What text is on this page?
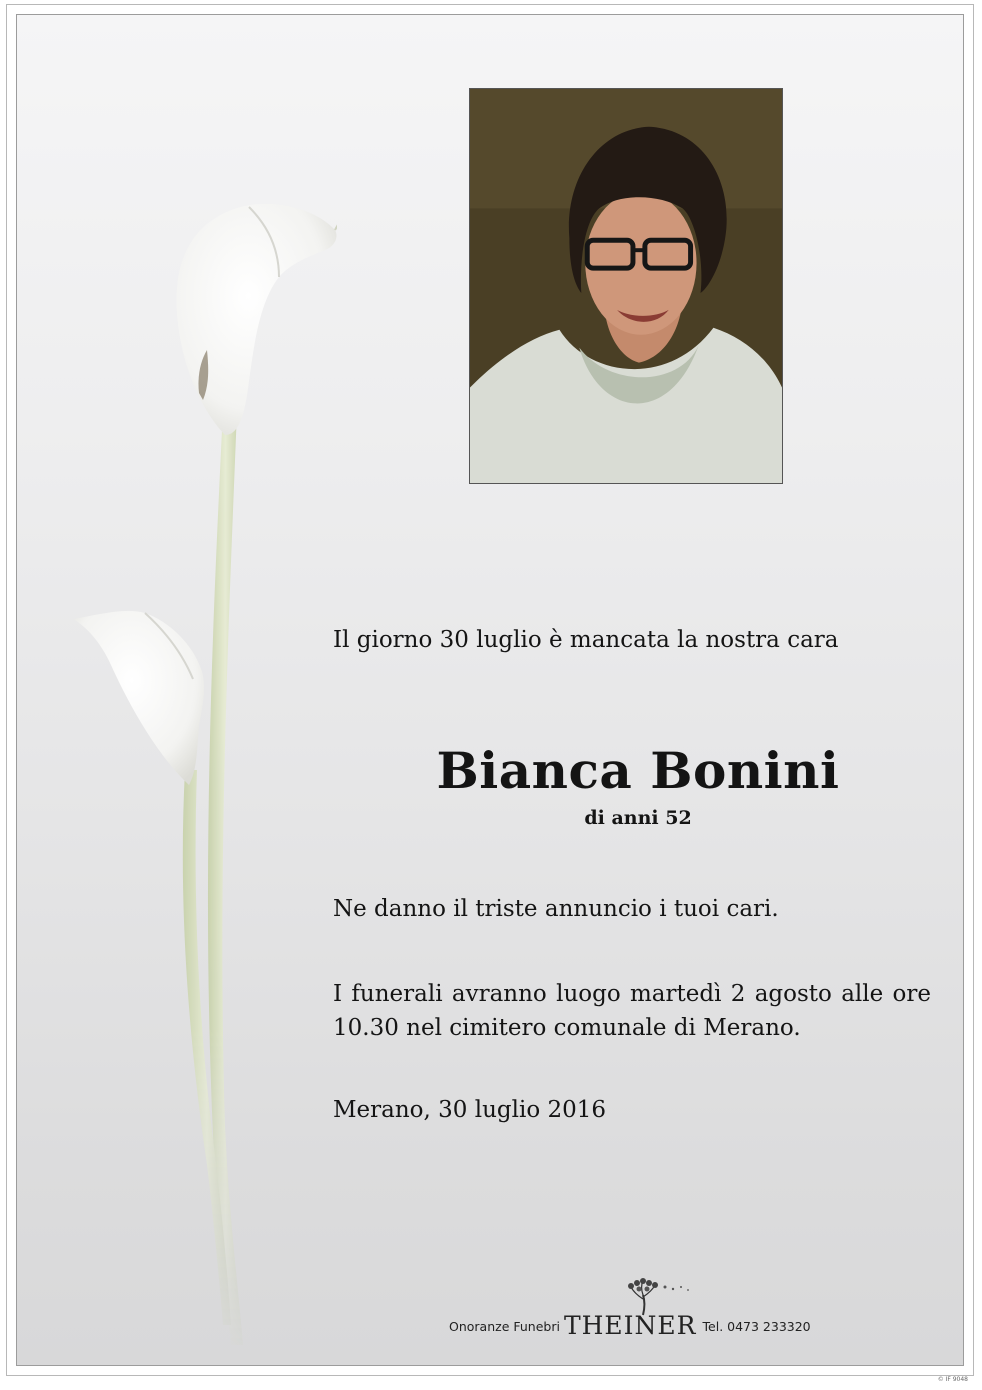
Il giorno 30 luglio è mancata la nostra cara
Bianca Bonini
di anni 52
Ne danno il triste annuncio i tuoi cari.
I funerali avranno luogo martedì 2 agosto alle ore 10.30 nel cimitero comunale di Merano.
Merano, 30 luglio 2016
Onoranze Funebri THEINER Tel. 0473 233320
© IF 9048
